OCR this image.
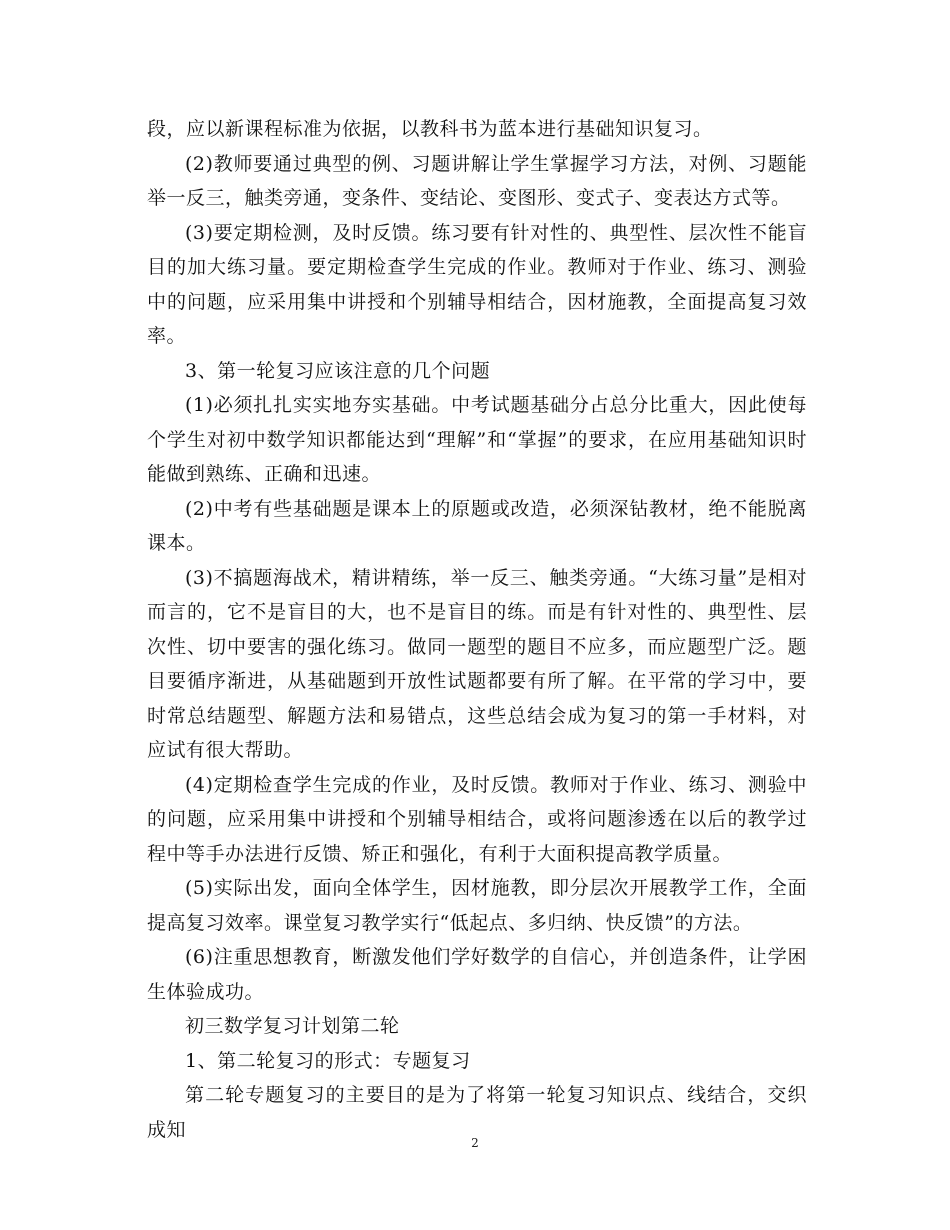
段，应以新课程标准为依据，以教科书为蓝本进行基础知识复习。

(2)教师要通过典型的例、习题讲解让学生掌握学习方法，对例、习题能举一反三，触类旁通，变条件、变结论、变图形、变式子、变表达方式等。

(3)要定期检测，及时反馈。练习要有针对性的、典型性、层次性不能盲目的加大练习量。要定期检查学生完成的作业。教师对于作业、练习、测验中的问题，应采用集中讲授和个别辅导相结合，因材施教，全面提高复习效率。

3、第一轮复习应该注意的几个问题

(1)必须扎扎实实地夯实基础。中考试题基础分占总分比重大，因此使每个学生对初中数学知识都能达到“理解”和“掌握”的要求，在应用基础知识时能做到熟练、正确和迅速。

(2)中考有些基础题是课本上的原题或改造，必须深钻教材，绝不能脱离课本。

(3)不搞题海战术，精讲精练，举一反三、触类旁通。“大练习量”是相对而言的，它不是盲目的大，也不是盲目的练。而是有针对性的、典型性、层次性、切中要害的强化练习。做同一题型的题目不应多，而应题型广泛。题目要循序渐进，从基础题到开放性试题都要有所了解。在平常的学习中，要时常总结题型、解题方法和易错点，这些总结会成为复习的第一手材料，对应试有很大帮助。

(4)定期检查学生完成的作业，及时反馈。教师对于作业、练习、测验中的问题，应采用集中讲授和个别辅导相结合，或将问题渗透在以后的教学过程中等手办法进行反馈、矫正和强化，有利于大面积提高教学质量。

(5)实际出发，面向全体学生，因材施教，即分层次开展教学工作，全面提高复习效率。课堂复习教学实行“低起点、多归纳、快反馈”的方法。

(6)注重思想教育，断激发他们学好数学的自信心，并创造条件，让学困生体验成功。

初三数学复习计划第二轮

1、第二轮复习的形式：专题复习

第二轮专题复习的主要目的是为了将第一轮复习知识点、线结合，交织成知

2
